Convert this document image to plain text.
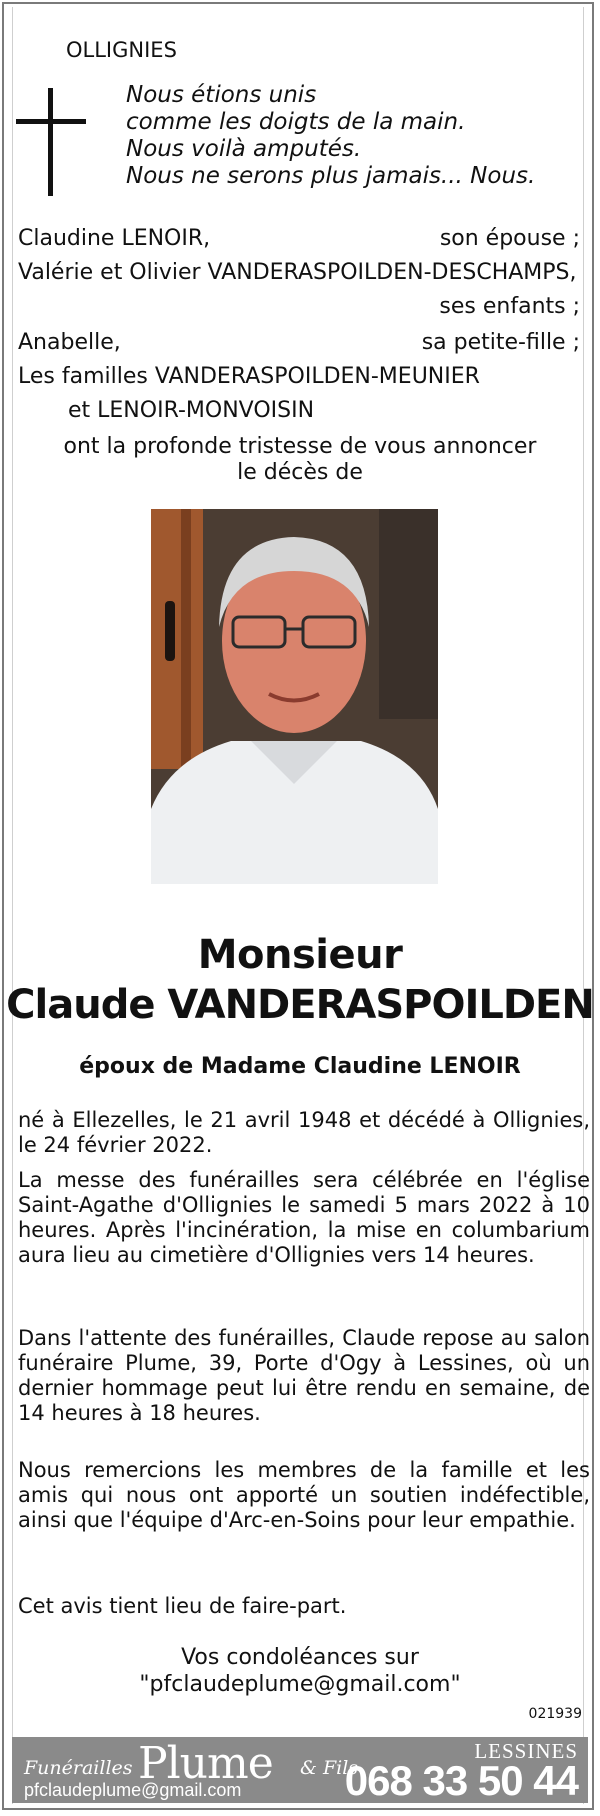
OLLIGNIES
Nous étions unis
comme les doigts de la main.
Nous voilà amputés.
Nous ne serons plus jamais... Nous.
Claudine LENOIR,	son épouse ;
Valérie et Olivier VANDERASPOILDEN-DESCHAMPS,
ses enfants ;
Anabelle,	sa petite-fille ;
Les familles VANDERASPOILDEN-MEUNIER
et LENOIR-MONVOISIN
ont la profonde tristesse de vous annoncer
le décès de
Monsieur
Claude VANDERASPOILDEN
époux de Madame Claudine LENOIR
né à Ellezelles, le 21 avril 1948 et décédé à Ollignies, le 24 février 2022.
La messe des funérailles sera célébrée en l'église Saint-Agathe d'Ollignies le samedi 5 mars 2022 à 10 heures. Après l'incinération, la mise en columbarium aura lieu au cimetière d'Ollignies vers 14 heures.
Dans l'attente des funérailles, Claude repose au salon funéraire Plume, 39, Porte d'Ogy à Lessines, où un dernier hommage peut lui être rendu en semaine, de 14 heures à 18 heures.
Nous remercions les membres de la famille et les amis qui nous ont apporté un soutien indéfectible, ainsi que l'équipe d'Arc-en-Soins pour leur empathie.
Cet avis tient lieu de faire-part.
Vos condoléances sur
"pfclaudeplume@gmail.com"
021939
Funérailles Plume & Fils
pfclaudeplume@gmail.com
LESSINES
068 33 50 44
